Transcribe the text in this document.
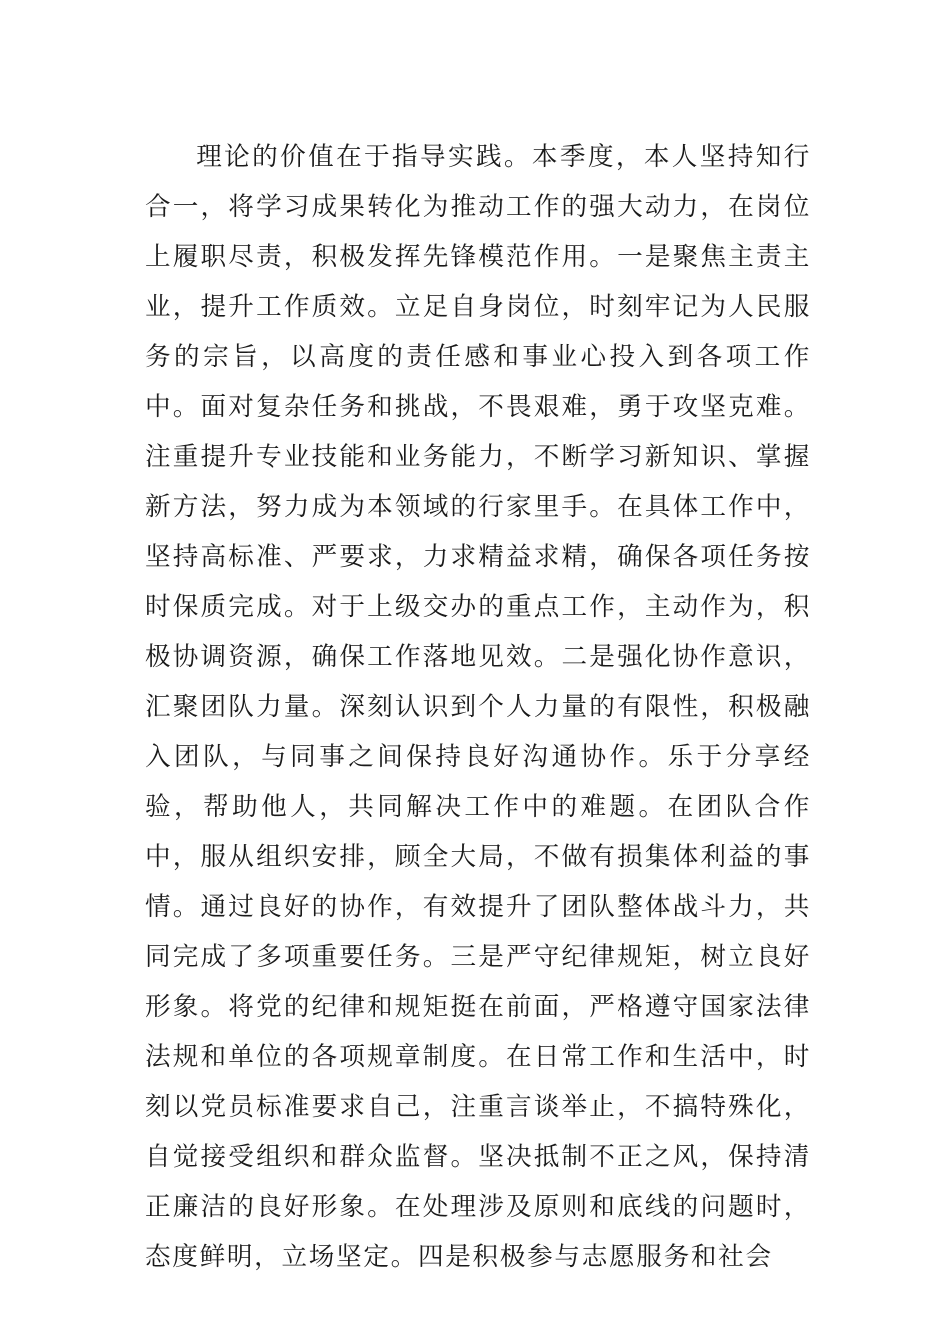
理论的价值在于指导实践。本季度，本人坚持知行合一，将学习成果转化为推动工作的强大动力，在岗位上履职尽责，积极发挥先锋模范作用。一是聚焦主责主业，提升工作质效。立足自身岗位，时刻牢记为人民服务的宗旨，以高度的责任感和事业心投入到各项工作中。面对复杂任务和挑战，不畏艰难，勇于攻坚克难。注重提升专业技能和业务能力，不断学习新知识、掌握新方法，努力成为本领域的行家里手。在具体工作中，坚持高标准、严要求，力求精益求精，确保各项任务按时保质完成。对于上级交办的重点工作，主动作为，积极协调资源，确保工作落地见效。二是强化协作意识，汇聚团队力量。深刻认识到个人力量的有限性，积极融入团队，与同事之间保持良好沟通协作。乐于分享经验，帮助他人，共同解决工作中的难题。在团队合作中，服从组织安排，顾全大局，不做有损集体利益的事情。通过良好的协作，有效提升了团队整体战斗力，共同完成了多项重要任务。三是严守纪律规矩，树立良好形象。将党的纪律和规矩挺在前面，严格遵守国家法律法规和单位的各项规章制度。在日常工作和生活中，时刻以党员标准要求自己，注重言谈举止，不搞特殊化，自觉接受组织和群众监督。坚决抵制不正之风，保持清正廉洁的良好形象。在处理涉及原则和底线的问题时，态度鲜明，立场坚定。四是积极参与志愿服务和社会
